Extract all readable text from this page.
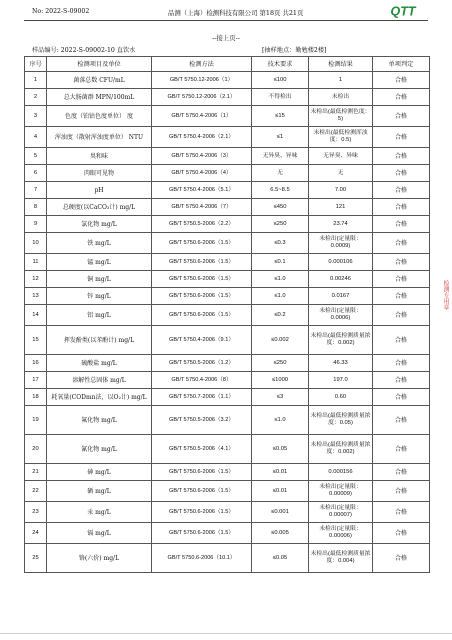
No: 2022-S-09002	品测（上海）检测科技有限公司 第18页 共21页	QTT
--接上页--
样品编号: 2022-S-09002-10 直饮水	[抽样地点：勤勉楼2楼]
序号	检测项目及单位	检测方法	技术要求	检测结果	单项判定
1	菌落总数 CFU/mL	GB/T 5750.12-2006（1）	≤100	1	合格
2	总大肠菌群 MPN/100mL	GB/T 5750.12-2006（2.1）	不得检出	未检出	合格
3	色度（铂钴色度单位） 度	GB/T 5750.4-2006（1）	≤15	未检出(最低检测色度：5)	合格
4	浑浊度（散射浑浊度单位） NTU	GB/T 5750.4-2006（2.1）	≤1	未检出(最低检测浑浊度：0.5)	合格
5	臭和味	GB/T 5750.4-2006（3）	无异臭、异味	无异臭、异味	合格
6	肉眼可见物	GB/T 5750.4-2006（4）	无	无	合格
7	pH	GB/T 5750.4-2006（5.1）	6.5~8.5	7.00	合格
8	总硬度(以CaCO₃计) mg/L	GB/T 5750.4-2006（7）	≤450	121	合格
9	氯化物 mg/L	GB/T 5750.5-2006（2.2）	≤250	23.74	合格
10	铁 mg/L	GB/T 5750.6-2006（1.5）	≤0.3	未检出(定量限：0.0009)	合格
11	锰 mg/L	GB/T 5750.6-2006（1.5）	≤0.1	0.000106	合格
12	铜 mg/L	GB/T 5750.6-2006（1.5）	≤1.0	0.00246	合格
13	锌 mg/L	GB/T 5750.6-2006（1.5）	≤1.0	0.0167	合格
14	铝 mg/L	GB/T 5750.6-2006（1.5）	≤0.2	未检出(定量限：0.0006)	合格
15	挥发酚类(以苯酚计) mg/L	GB/T 5750.4-2006（9.1）	≤0.002	未检出(最低检测质量浓度：0.002)	合格
16	硫酸盐 mg/L	GB/T 5750.5-2006（1.2）	≤250	46.33	合格
17	溶解性总固体 mg/L	GB/T 5750.4-2006（8）	≤1000	197.0	合格
18	耗氧量(CODmn法，以O₂计) mg/L	GB/T 5750.7-2006（1.1）	≤3	0.60	合格
19	氟化物 mg/L	GB/T 5750.5-2006（3.2）	≤1.0	未检出(最低检测质量浓度：0.05)	合格
20	氰化物 mg/L	GB/T 5750.5-2006（4.1）	≤0.05	未检出(最低检测质量浓度：0.002)	合格
21	砷 mg/L	GB/T 5750.6-2006（1.5）	≤0.01	0.000156	合格
22	硒 mg/L	GB/T 5750.6-2006（1.5）	≤0.01	未检出(定量限：0.00009)	合格
23	汞 mg/L	GB/T 5750.6-2006（1.5）	≤0.001	未检出(定量限：0.00007)	合格
24	镉 mg/L	GB/T 5750.6-2006（1.5）	≤0.005	未检出(定量限：0.00006)	合格
25	铬(六价) mg/L	GB/T 5750.6-2006（10.1）	≤0.05	未检出(最低检测质量浓度：0.004)	合格
检测专用章
